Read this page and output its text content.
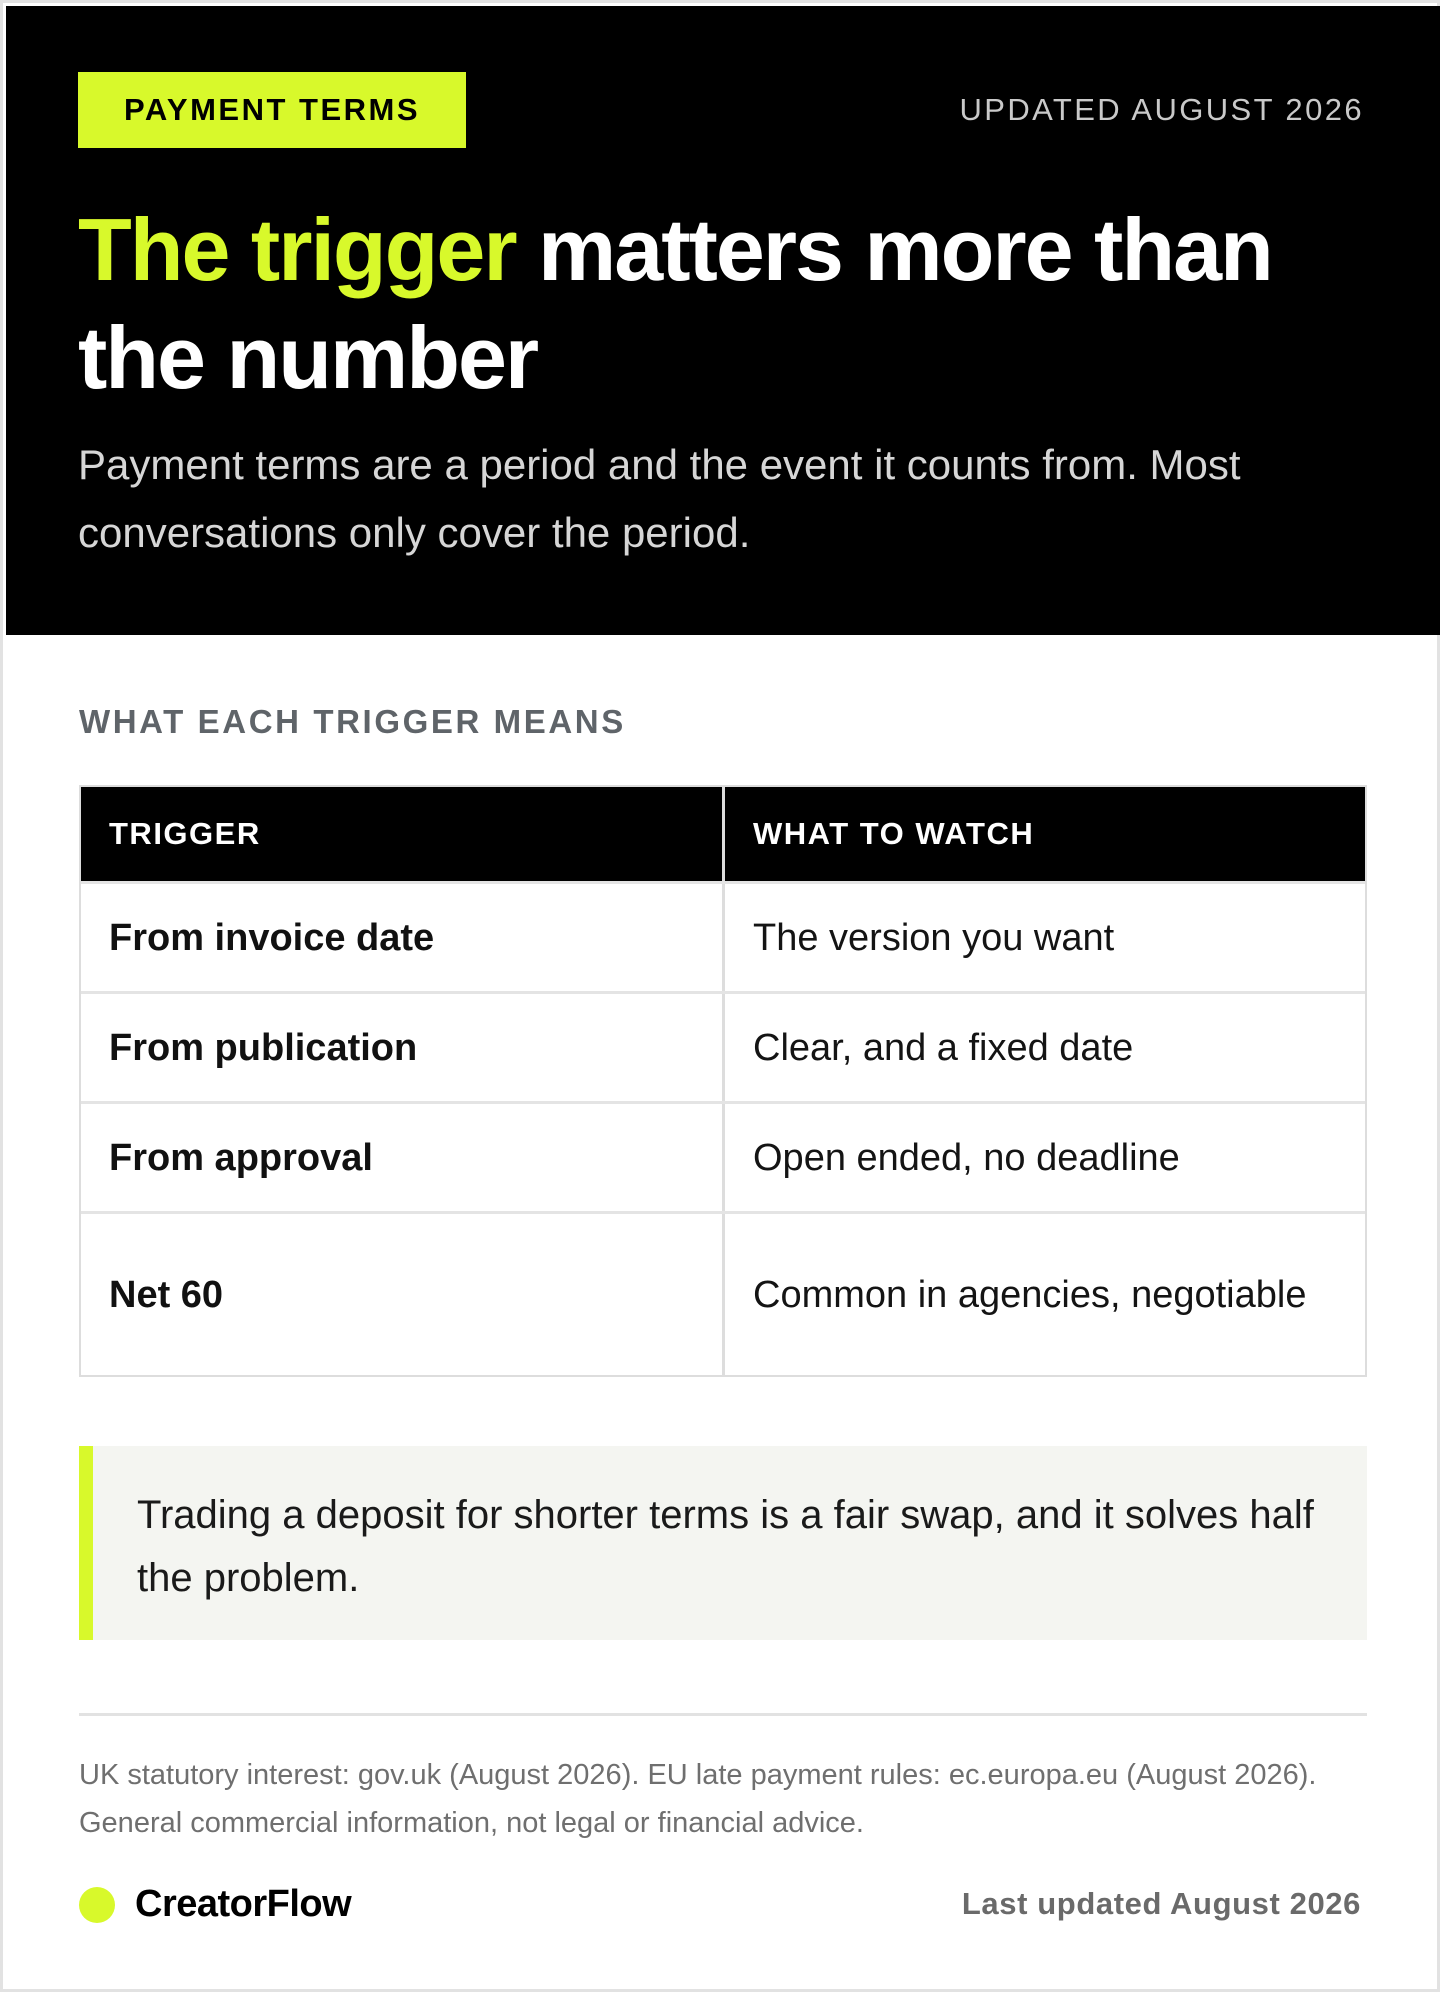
PAYMENT TERMS	UPDATED AUGUST 2026
The trigger matters more than the number

Payment terms are a period and the event it counts from. Most conversations only cover the period.

WHAT EACH TRIGGER MEANS
TRIGGER	WHAT TO WATCH
From invoice date	The version you want
From publication	Clear, and a fixed date
From approval	Open ended, no deadline
Net 60	Common in agencies, negotiable

Trading a deposit for shorter terms is a fair swap, and it solves half the problem.

UK statutory interest: gov.uk (August 2026). EU late payment rules: ec.europa.eu (August 2026). General commercial information, not legal or financial advice.

CreatorFlow	Last updated August 2026
